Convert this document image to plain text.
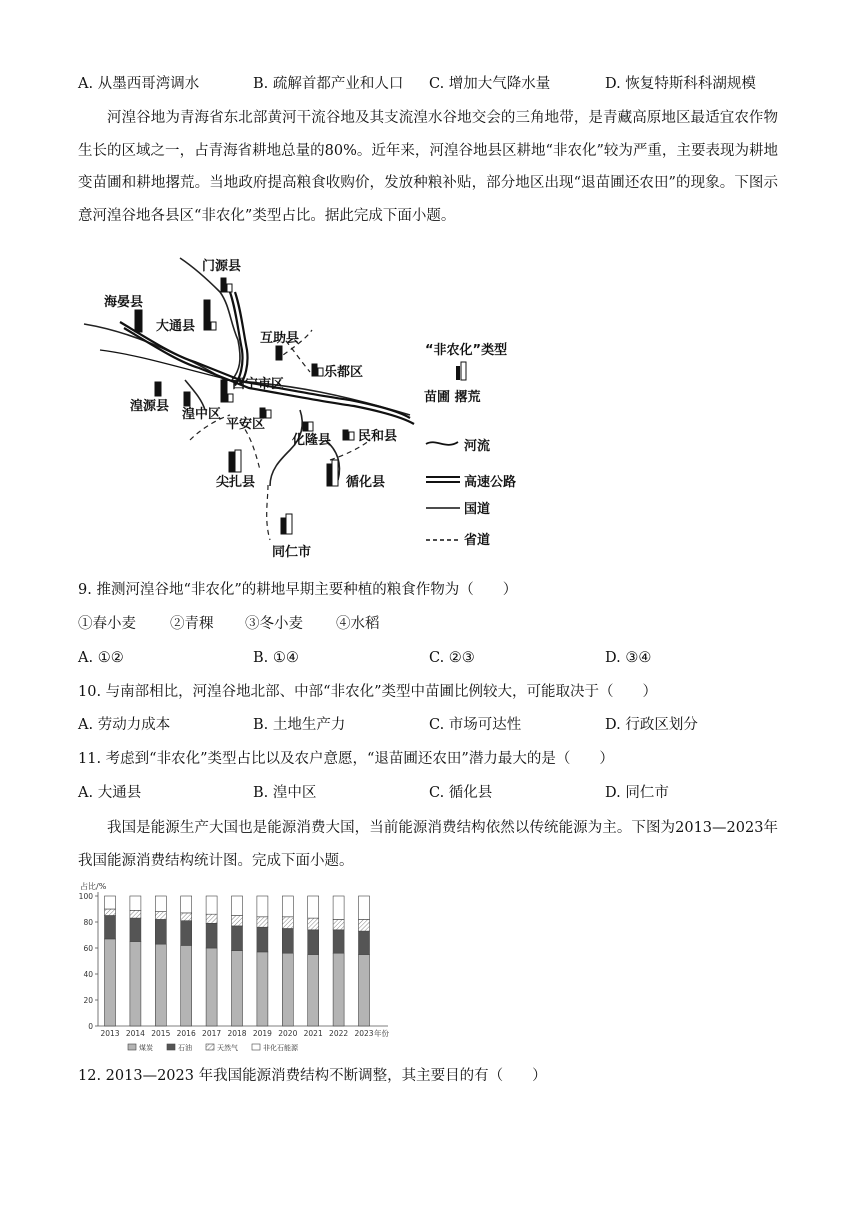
A. 从墨西哥湾调水	B. 疏解首都产业和人口 C. 增加大气降水量	D. 恢复特斯科科湖规模
河湟谷地为青海省东北部黄河干流谷地及其支流湟水谷地交会的三角地带，是青藏高原地区最适宜农作物生长的区域之一，占青海省耕地总量的80%。近年来，河湟谷地县区耕地“非农化”较为严重，主要表现为耕地变苗圃和耕地撂荒。当地政府提高粮食收购价，发放种粮补贴，部分地区出现“退苗圃还农田”的现象。下图示意河湟谷地各县区“非农化”类型占比。据此完成下面小题。
门源县
海晏县
大通县
互助县
乐都区
西宁市区
湟源县
湟中区
平安区
化隆县 民和县
尖扎县	循化县
同仁市
“非农化”类型
苗圃 撂荒
河流
高速公路
国道
省道
9. 推测河湟谷地“非农化”的耕地早期主要种植的粮食作物为（　　）
①春小麦 ②青稞 ③冬小麦 ④水稻
A. ①②	B. ①④	C. ②③	D. ③④
10. 与南部相比，河湟谷地北部、中部“非农化”类型中苗圃比例较大，可能取决于（　　）
A. 劳动力成本	B. 土地生产力	C. 市场可达性	D. 行政区划分
11. 考虑到“非农化”类型占比以及农户意愿，“退苗圃还农田”潜力最大的是（　　）
A. 大通县	B. 湟中区	C. 循化县	D. 同仁市
我国是能源生产大国也是能源消费大国，当前能源消费结构依然以传统能源为主。下图为2013—2023年我国能源消费结构统计图。完成下面小题。
占比/%
0
20
40
60
80
100
2013 2014 2015 2016 2017 2018 2019 2020 2021 2022 2023 年份
煤炭	石油	天然气	非化石能源
12. 2013—2023 年我国能源消费结构不断调整，其主要目的有（　　）
